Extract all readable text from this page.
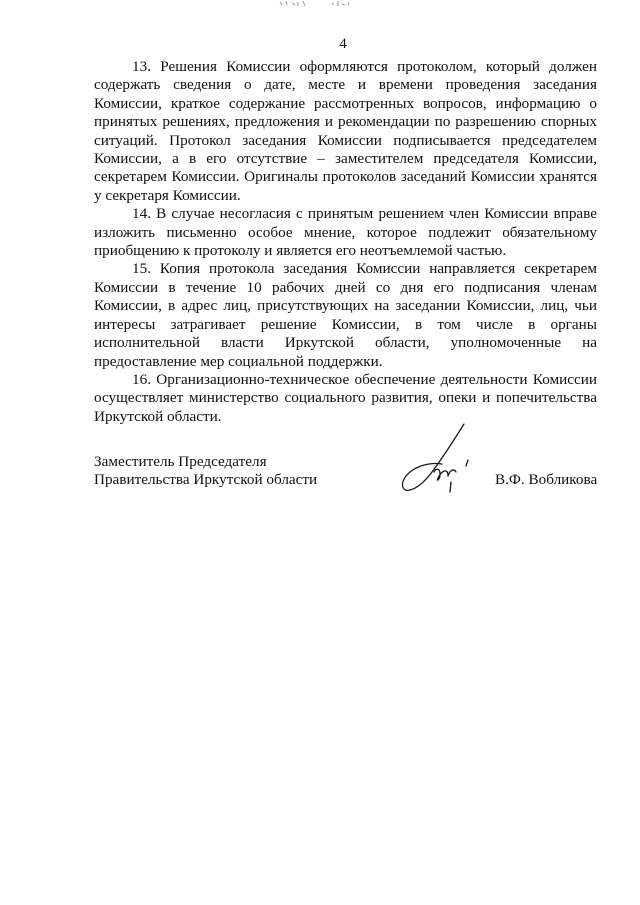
4

13. Решения Комиссии оформляются протоколом, который должен содержать сведения о дате, месте и времени проведения заседания Комиссии, краткое содержание рассмотренных вопросов, информацию о принятых решениях, предложения и рекомендации по разрешению спорных ситуаций. Протокол заседания Комиссии подписывается председателем Комиссии, а в его отсутствие – заместителем председателя Комиссии, секретарем Комиссии. Оригиналы протоколов заседаний Комиссии хранятся у секретаря Комиссии.

14. В случае несогласия с принятым решением член Комиссии вправе изложить письменно особое мнение, которое подлежит обязательному приобщению к протоколу и является его неотъемлемой частью.

15. Копия протокола заседания Комиссии направляется секретарем Комиссии в течение 10 рабочих дней со дня его подписания членам Комиссии, в адрес лиц, присутствующих на заседании Комиссии, лиц, чьи интересы затрагивает решение Комиссии, в том числе в органы исполнительной власти Иркутской области, уполномоченные на предоставление мер социальной поддержки.

16. Организационно-техническое обеспечение деятельности Комиссии осуществляет министерство социального развития, опеки и попечительства Иркутской области.

Заместитель Председателя
Правительства Иркутской области	В.Ф. Вобликова
